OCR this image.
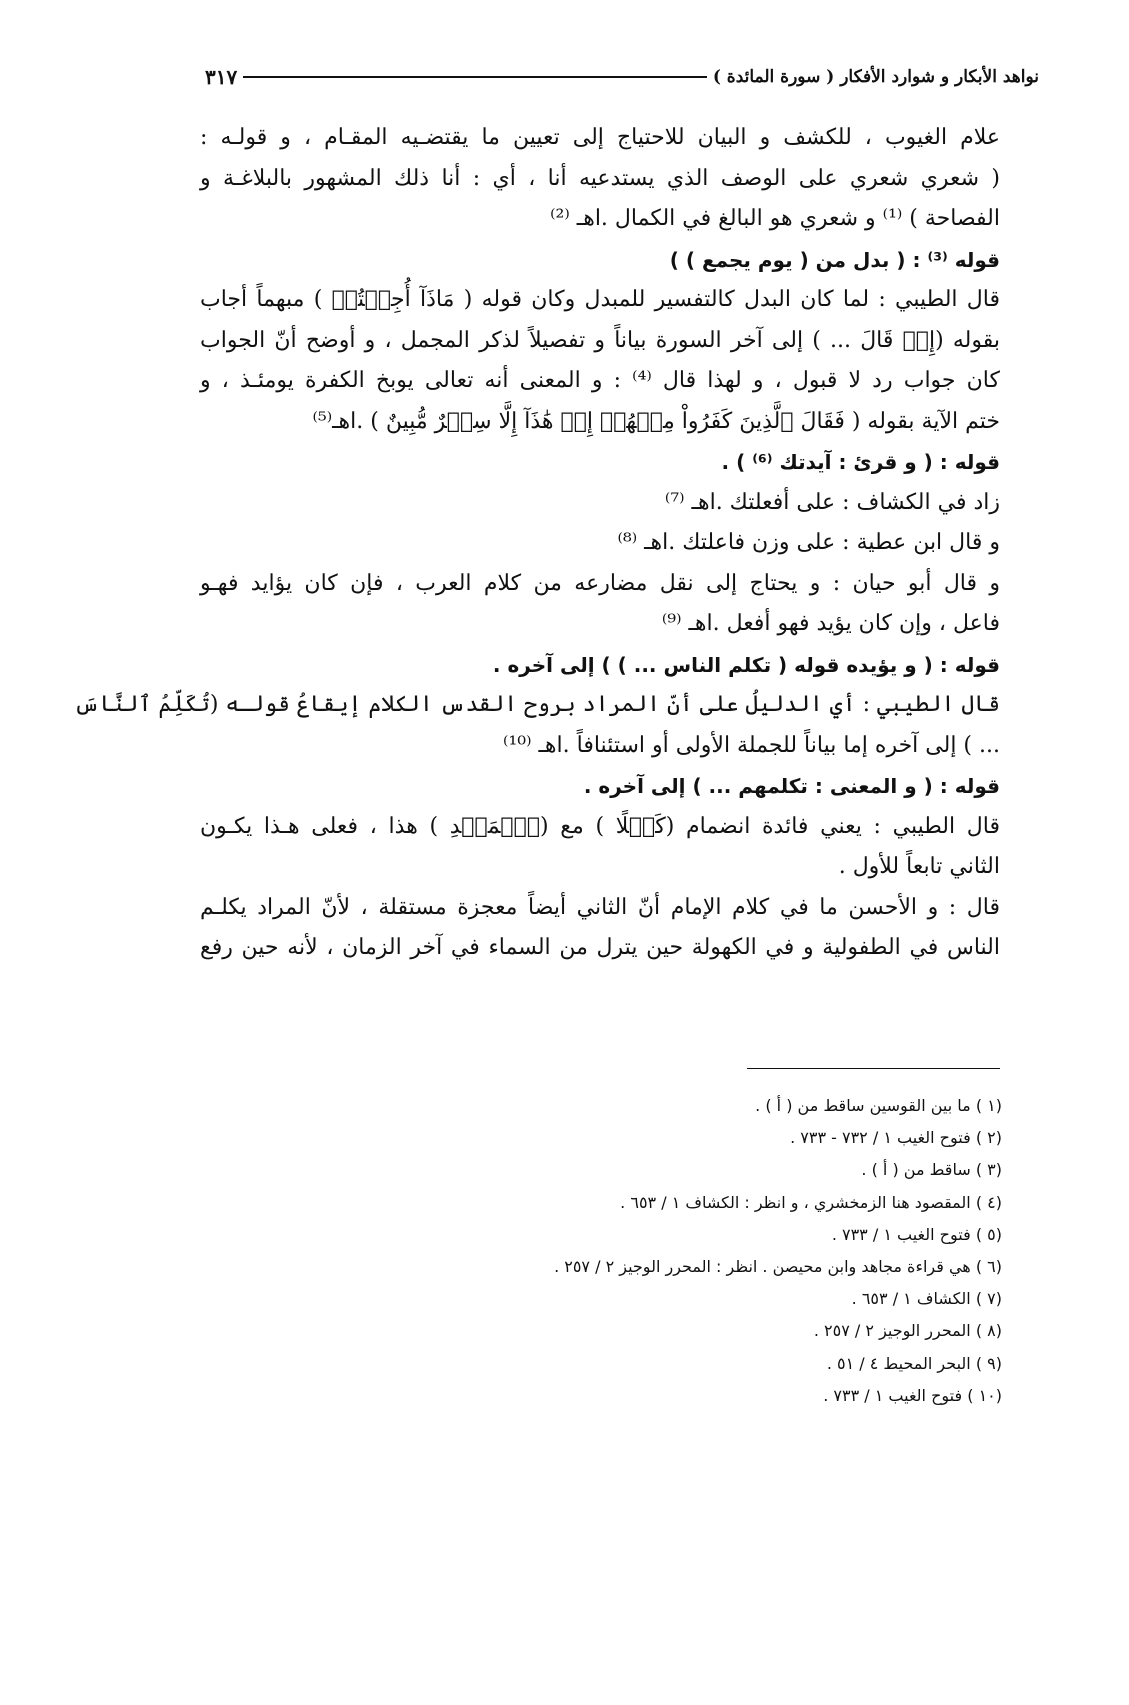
نواهد الأبكار و شوارد الأفكار ( سورة المائدة )
٣١٧
علام الغيوب ، للكشف و البيان للاحتياج إلى تعيين ما يقتضـيه المقـام ، و قولـه :
( شعري شعري على الوصف الذي يستدعيه أنا ، أي : أنا ذلك المشهور بالبلاغـة و
الفصاحة ) ⁽¹⁾ و شعري هو البالغ في الكمال .اهـ ⁽²⁾
قوله ⁽³⁾ : ( بدل من ( يوم يجمع ) )
قال الطيبي : لما كان البدل كالتفسير للمبدل وكان قوله ( مَاذَآ أُجِبۡتُمۡ ) مبهماً أجاب
بقوله (إِذۡ قَالَ ... ) إلى آخر السورة بياناً و تفصيلاً لذكر المجمل ، و أوضح أنّ الجواب
كان جواب رد لا قبول ، و لهذا قال ⁽⁴⁾ : و المعنى أنه تعالى يوبخ الكفرة يومئـذ ، و
ختم الآية بقوله ( فَقَالَ ٱلَّذِينَ كَفَرُواْ مِنۡهُمۡ إِنۡ هَٰذَآ إِلَّا سِحۡرٌ مُّبِينٌ ) .اهـ⁽⁵⁾
قوله : ( و قرئ : آيدتك ⁽⁶⁾ ) .
زاد في الكشاف : على أفعلتك .اهـ ⁽⁷⁾
و قال ابن عطية : على وزن فاعلتك .اهـ ⁽⁸⁾
و قال أبو حيان : و يحتاج إلى نقل مضارعه من كلام العرب ، فإن كان يؤايد فهـو
فاعل ، وإن كان يؤيد فهو أفعل .اهـ ⁽⁹⁾
قوله : ( و يؤيده قوله ( تكلم الناس ... ) ) إلى آخره .
قال الطيبي : أي الدليلُ على أنّ المراد بروح القدس الكلام إيقاعُ قولـه (تُكَلِّمُ ٱلنَّاسَ
... ) إلى آخره إما بياناً للجملة الأولى أو استئنافاً .اهـ ⁽¹⁰⁾
قوله : ( و المعنى : تكلمهم ... ) إلى آخره .
قال الطيبي : يعني فائدة انضمام (كَهۡلًا ) مع (ٱلۡمَهۡدِ ) هذا ، فعلى هـذا يكـون
الثاني تابعاً للأول .
قال : و الأحسن ما في كلام الإمام أنّ الثاني أيضاً معجزة مستقلة ، لأنّ المراد يكلـم
الناس في الطفولية و في الكهولة حين يترل من السماء في آخر الزمان ، لأنه حين رفع
(١ ) ما بين القوسين ساقط من ( أ ) .
(٢ ) فتوح الغيب ١ / ٧٣٢ - ٧٣٣ .
(٣ ) ساقط من ( أ ) .
(٤ ) المقصود هنا الزمخشري ، و انظر : الكشاف ١ / ٦٥٣ .
(٥ ) فتوح الغيب ١ / ٧٣٣ .
(٦ ) هي قراءة مجاهد وابن محيصن . انظر : المحرر الوجيز ٢ / ٢٥٧ .
(٧ ) الكشاف ١ / ٦٥٣ .
(٨ ) المحرر الوجيز ٢ / ٢٥٧ .
(٩ ) البحر المحيط ٤ / ٥١ .
(١٠ ) فتوح الغيب ١ / ٧٣٣ .
